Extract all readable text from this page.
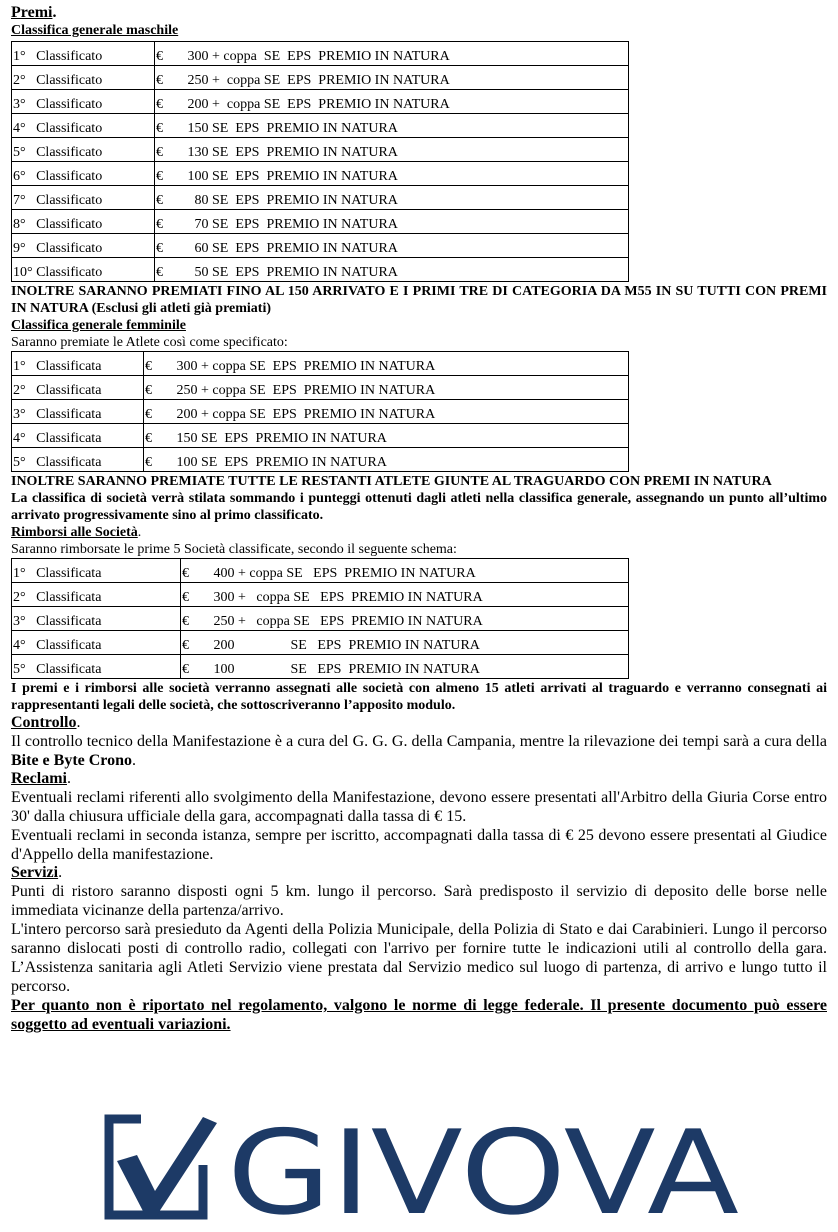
Premi.
Classifica generale maschile
1°   Classificato	€       300 + coppa  SE  EPS  PREMIO IN NATURA
2°   Classificato	€       250 +  coppa SE  EPS  PREMIO IN NATURA
3°   Classificato	€       200 +  coppa SE  EPS  PREMIO IN NATURA
4°   Classificato	€       150 SE  EPS  PREMIO IN NATURA
5°   Classificato	€       130 SE  EPS  PREMIO IN NATURA
6°   Classificato	€       100 SE  EPS  PREMIO IN NATURA
7°   Classificato	€         80 SE  EPS  PREMIO IN NATURA
8°   Classificato	€         70 SE  EPS  PREMIO IN NATURA
9°   Classificato	€         60 SE  EPS  PREMIO IN NATURA
10° Classificato	€         50 SE  EPS  PREMIO IN NATURA
INOLTRE SARANNO PREMIATI FINO AL 150 ARRIVATO E I PRIMI TRE DI CATEGORIA DA M55 IN SU TUTTI CON PREMI IN NATURA (Esclusi gli atleti già premiati)
Classifica generale femminile
Saranno premiate le Atlete così come specificato:
1°   Classificata	€       300 + coppa SE  EPS  PREMIO IN NATURA
2°   Classificata	€       250 + coppa SE  EPS  PREMIO IN NATURA
3°   Classificata	€       200 + coppa SE  EPS  PREMIO IN NATURA
4°   Classificata	€       150 SE  EPS  PREMIO IN NATURA
5°   Classificata	€       100 SE  EPS  PREMIO IN NATURA
INOLTRE SARANNO PREMIATE TUTTE LE RESTANTI ATLETE GIUNTE AL TRAGUARDO CON PREMI IN NATURA
La classifica di società verrà stilata sommando i punteggi ottenuti dagli atleti nella classifica generale, assegnando un punto all’ultimo arrivato progressivamente sino al primo classificato.
Rimborsi alle Società.
Saranno rimborsate le prime 5 Società classificate, secondo il seguente schema:
1°   Classificata	€       400 + coppa SE   EPS  PREMIO IN NATURA
2°   Classificata	€       300 +   coppa SE   EPS  PREMIO IN NATURA
3°   Classificata	€       250 +   coppa SE   EPS  PREMIO IN NATURA
4°   Classificata	€       200                SE   EPS  PREMIO IN NATURA
5°   Classificata	€       100                SE   EPS  PREMIO IN NATURA
I premi e i rimborsi alle società verranno assegnati alle società con almeno 15 atleti arrivati al traguardo e verranno consegnati ai rappresentanti legali delle società, che sottoscriveranno l’apposito modulo.
Controllo.
Il controllo tecnico della Manifestazione è a cura del G. G. G. della Campania, mentre la rilevazione dei tempi sarà a cura della Bite e Byte Crono.
Reclami.
Eventuali reclami riferenti allo svolgimento della Manifestazione, devono essere presentati all'Arbitro della Giuria Corse entro 30' dalla chiusura ufficiale della gara, accompagnati dalla tassa di € 15.
Eventuali reclami in seconda istanza, sempre per iscritto, accompagnati dalla tassa di € 25 devono essere presentati al Giudice d'Appello della manifestazione.
Servizi.
Punti di ristoro saranno disposti ogni 5 km. lungo il percorso. Sarà predisposto il servizio di deposito delle borse nelle immediata vicinanze della partenza/arrivo.
L'intero percorso sarà presieduto da Agenti della Polizia Municipale, della Polizia di Stato e dai Carabinieri. Lungo il percorso saranno dislocati posti di controllo radio, collegati con l'arrivo per fornire tutte le indicazioni utili al controllo della gara. L’Assistenza sanitaria agli Atleti Servizio viene prestata dal Servizio medico sul luogo di partenza, di arrivo e lungo tutto il percorso.
Per quanto non è riportato nel regolamento, valgono le norme di legge federale. Il presente documento può essere soggetto ad eventuali variazioni.
GIVOVA
